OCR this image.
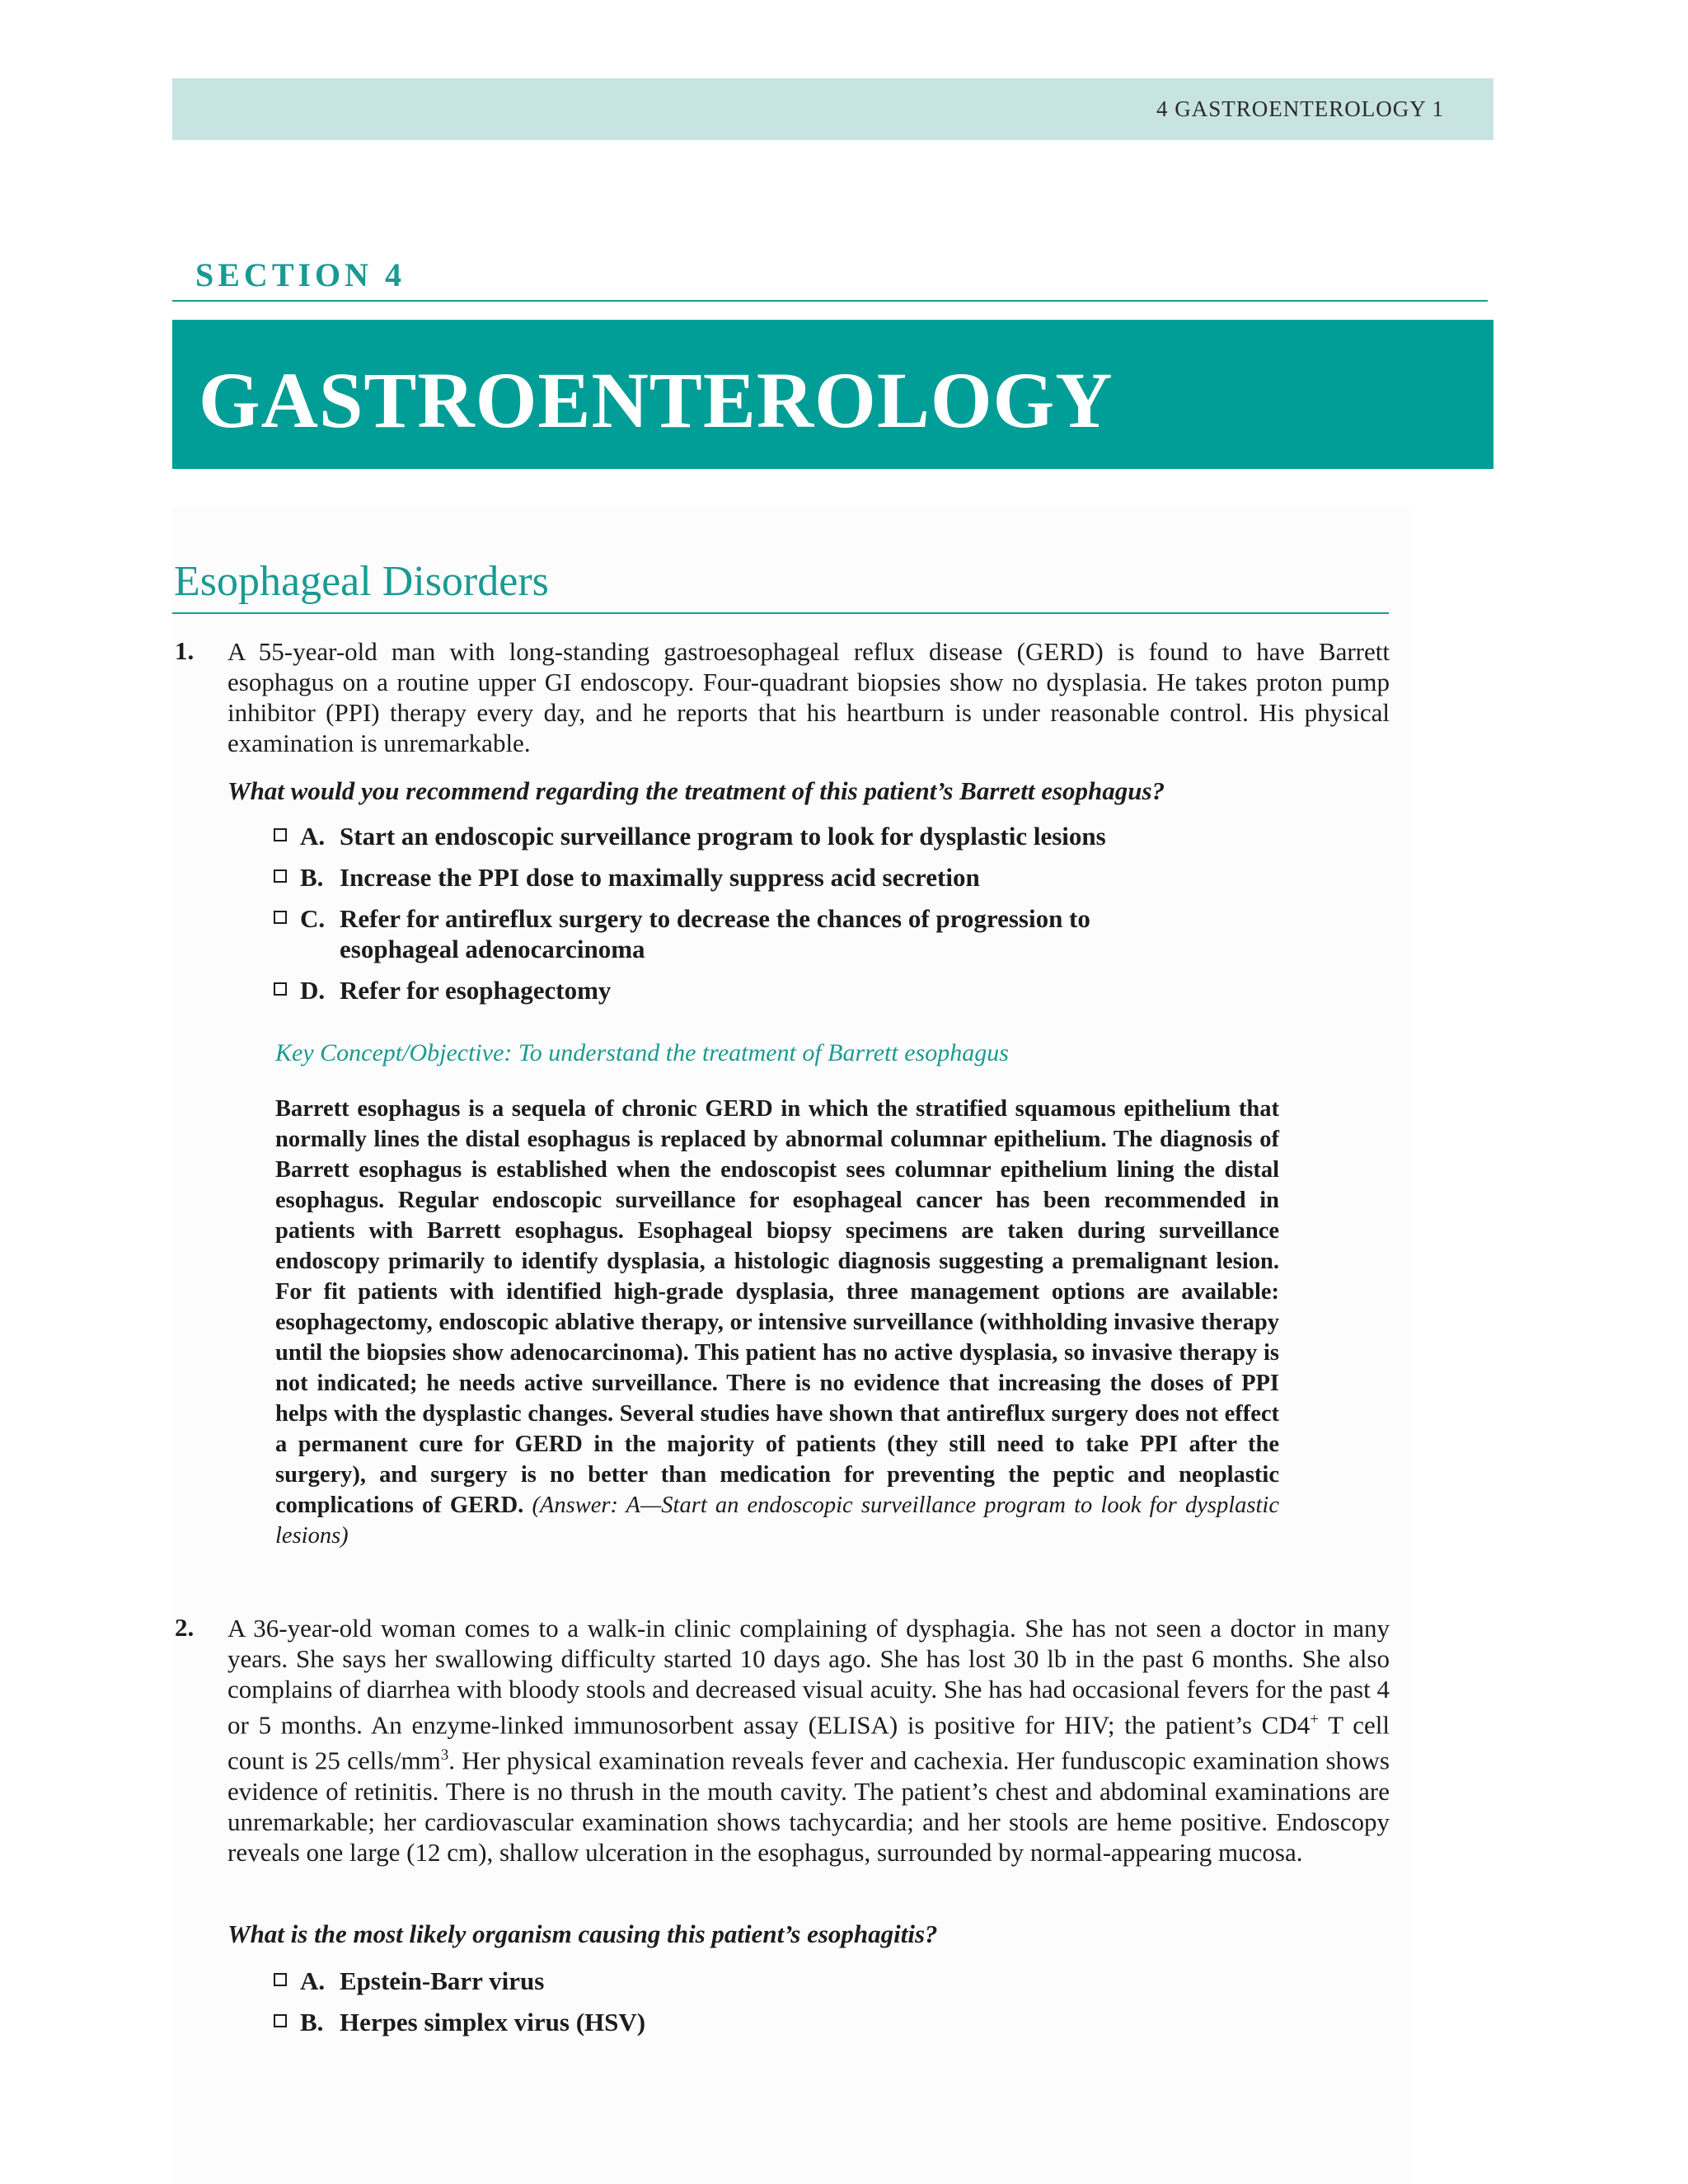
4 GASTROENTEROLOGY 1
SECTION 4
GASTROENTEROLOGY
Esophageal Disorders
1. A 55-year-old man with long-standing gastroesophageal reflux disease (GERD) is found to have Barrett esophagus on a routine upper GI endoscopy. Four-quadrant biopsies show no dysplasia. He takes proton pump inhibitor (PPI) therapy every day, and he reports that his heartburn is under reasonable control. His physical examination is unremarkable.

What would you recommend regarding the treatment of this patient’s Barrett esophagus?
A. Start an endoscopic surveillance program to look for dysplastic lesions
B. Increase the PPI dose to maximally suppress acid secretion
C. Refer for antireflux surgery to decrease the chances of progression to esophageal adenocarcinoma
D. Refer for esophagectomy
Key Concept/Objective: To understand the treatment of Barrett esophagus

Barrett esophagus is a sequela of chronic GERD in which the stratified squamous epithelium that normally lines the distal esophagus is replaced by abnormal columnar epithelium. The diagnosis of Barrett esophagus is established when the endoscopist sees columnar epithelium lining the distal esophagus. Regular endoscopic surveillance for esophageal cancer has been recommended in patients with Barrett esophagus. Esophageal biopsy specimens are taken during surveillance endoscopy primarily to identify dysplasia, a histologic diagnosis suggesting a premalignant lesion. For fit patients with identified high-grade dysplasia, three management options are available: esophagectomy, endoscopic ablative therapy, or intensive surveillance (withholding invasive therapy until the biopsies show adenocarcinoma). This patient has no active dysplasia, so invasive therapy is not indicated; he needs active surveillance. There is no evidence that increasing the doses of PPI helps with the dysplastic changes. Several studies have shown that antireflux surgery does not effect a permanent cure for GERD in the majority of patients (they still need to take PPI after the surgery), and surgery is no better than medication for preventing the peptic and neoplastic complications of GERD. (Answer: A—Start an endoscopic surveillance program to look for dysplastic lesions)

2. A 36-year-old woman comes to a walk-in clinic complaining of dysphagia. She has not seen a doctor in many years. She says her swallowing difficulty started 10 days ago. She has lost 30 lb in the past 6 months. She also complains of diarrhea with bloody stools and decreased visual acuity. She has had occasional fevers for the past 4 or 5 months. An enzyme-linked immunosorbent assay (ELISA) is positive for HIV; the patient’s CD4+ T cell count is 25 cells/$mm^3$. Her physical examination reveals fever and cachexia. Her funduscopic examination shows evidence of retinitis. There is no thrush in the mouth cavity. The patient’s chest and abdominal examinations are unremarkable; her cardiovascular examination shows tachycardia; and her stools are heme positive. Endoscopy reveals one large (12 cm), shallow ulceration in the esophagus, surrounded by normal-appearing mucosa.

What is the most likely organism causing this patient’s esophagitis?
A. Epstein-Barr virus
B. Herpes simplex virus (HSV)
